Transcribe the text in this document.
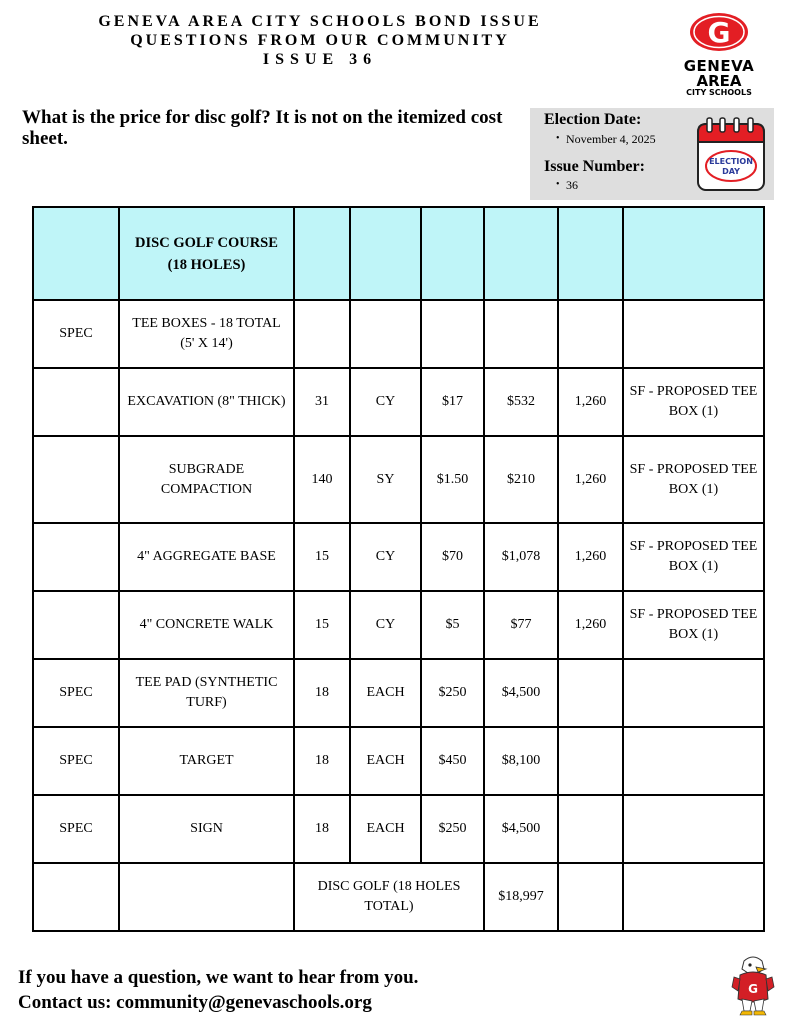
GENEVA AREA CITY SCHOOLS BOND ISSUE
QUESTIONS FROM OUR COMMUNITY
ISSUE 36
G
GENEVA
AREA
CITY SCHOOLS
What is the price for disc golf? It is not on the itemized cost sheet.
Election Date:
• November 4, 2025
Issue Number:
• 36
ELECTION
DAY
	DISC GOLF COURSE (18 HOLES)						
SPEC	TEE BOXES - 18 TOTAL (5' X 14')						
	EXCAVATION (8" THICK)	31	CY	$17	$532	1,260	SF - PROPOSED TEE BOX (1)
	SUBGRADE COMPACTION	140	SY	$1.50	$210	1,260	SF - PROPOSED TEE BOX (1)
	4" AGGREGATE BASE	15	CY	$70	$1,078	1,260	SF - PROPOSED TEE BOX (1)
	4" CONCRETE WALK	15	CY	$5	$77	1,260	SF - PROPOSED TEE BOX (1)
SPEC	TEE PAD (SYNTHETIC TURF)	18	EACH	$250	$4,500		
SPEC	TARGET	18	EACH	$450	$8,100		
SPEC	SIGN	18	EACH	$250	$4,500		
		DISC GOLF (18 HOLES TOTAL)			$18,997		
If you have a question, we want to hear from you.
Contact us: community@genevaschools.org
G
